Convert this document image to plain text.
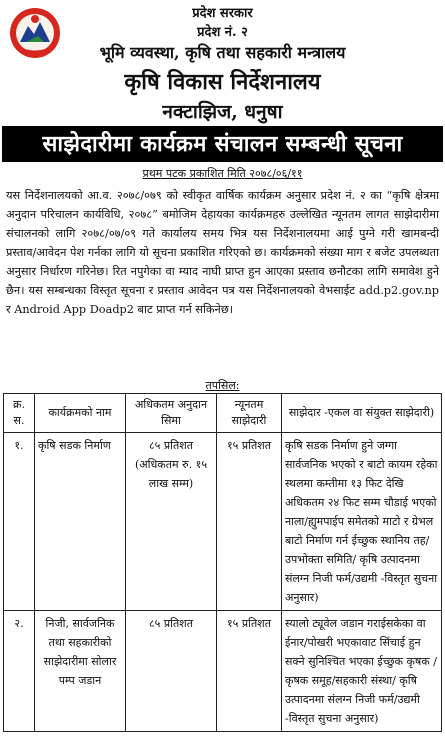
प्रदेश सरकार
प्रदेश नं. २
भूमि व्यवस्था, कृषि तथा सहकारी मन्त्रालय
कृषि विकास निर्देशनालय
नक्टाझिज, धनुषा
साझेदारीमा कार्यक्रम संचालन सम्बन्धी सूचना
प्रथम पटक प्रकाशित मिति २०७८/०६/११
यस निर्देशनालयको आ.व. २०७८/०७९ को स्वीकृत वार्षिक कार्यक्रम अनुसार प्रदेश नं. २ का “कृषि क्षेत्रमा अनुदान परिचालन कार्यविधि, २०७८” बमोजिम देहायका कार्यक्रमहरु उल्लेखित न्यूनतम लागत साझेदारीमा संचालनको लागि २०७८/०७/०९ गते कार्यालय समय भित्र यस निर्देशनालयमा आई पुग्ने गरी खामबन्दी प्रस्ताव/आवेदन पेश गर्नका लागि यो सूचना प्रकाशित गरिएको छ। कार्यक्रमको संख्या माग र बजेट उपलब्धता अनुसार निर्धारण गरिनेछ। रित नपुगेका वा म्याद नाघी प्राप्त हुन आएका प्रस्ताव छनौटका लागि समावेश हुने छैन। यस सम्बन्धका विस्तृत सूचना र प्रस्ताव आवेदन पत्र यस निर्देशनालयको वेभसाईट add.p2.gov.np र Android App Doadp2 बाट प्राप्त गर्न सकिनेछ।
तपसिल:
क्र. स.	कार्यक्रमको नाम	अधिकतम अनुदान सिमा	न्यूनतम साझेदारी	साझेदार -एकल वा संयुक्त साझेदारी)
१.	कृषि सडक निर्माण	८५ प्रतिशत (अधिकतम रु. १५ लाख सम्म)	१५ प्रतिशत	कृषि सडक निर्माण हुने जग्गा सार्वजनिक भएको र बाटो कायम रहेका स्थलमा कम्तीमा १३ फिट देखि अधिकतम २४ फिट सम्म चौडाई भएको नाला/ह्युमपाईप समेतको माटो र ग्रेभल बाटो निर्माण गर्न ईच्छुक स्थानिय तह/उपभोक्ता समिति/ कृषि उत्पादनमा संलग्न निजी फर्म/उद्यमी -विस्तृत सुचना अनुसार)
२.	निजी, सार्वजनिक तथा सहकारीको साझेदारीमा सोलार पम्प जडान	८५ प्रतिशत	१५ प्रतिशत	स्यालो ट्यूवेल जडान गराईसकेका वा ईनार/पोखरी भएकावाट सिंचाई हुन सक्ने सुनिश्चित भएका ईच्छुक कृषक /कृषक समूह/सहकारी संस्था/ कृषि उत्पादनमा संलग्न निजी फर्म/उद्यमी -विस्तृत सुचना अनुसार)
